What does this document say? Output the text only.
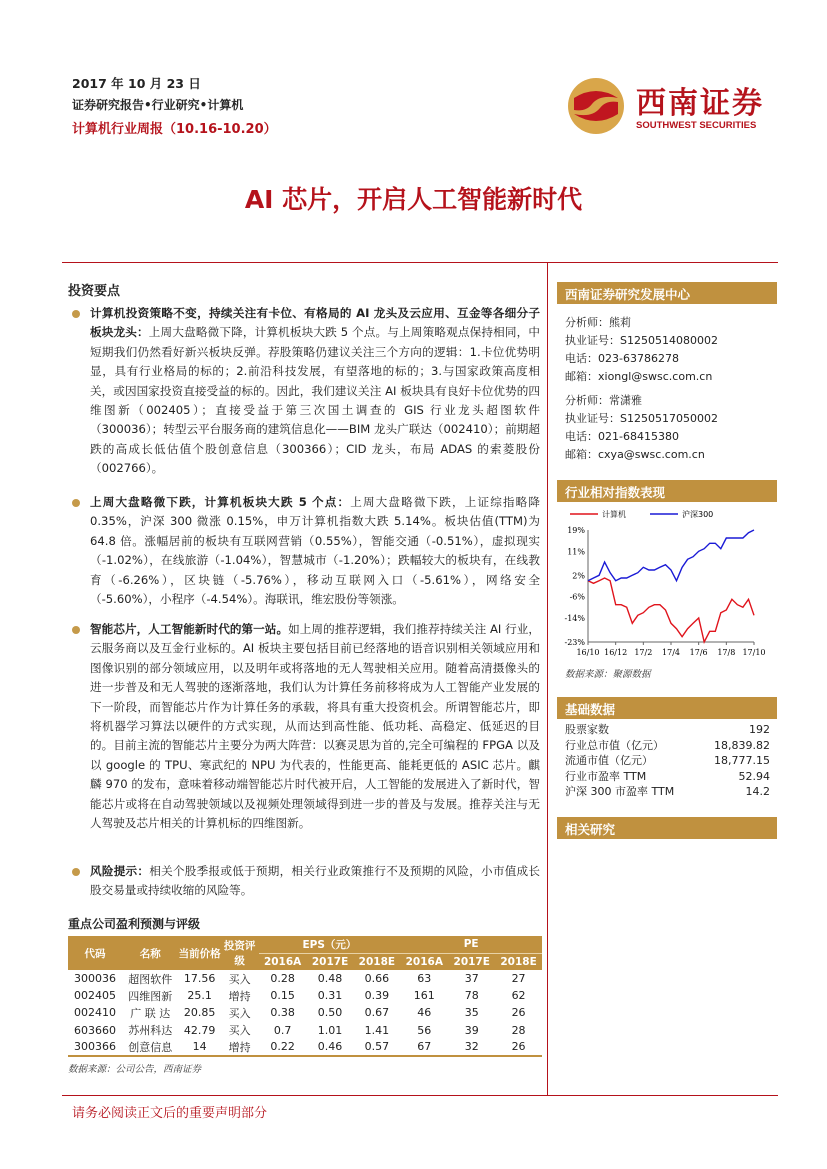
2017 年 10 月 23 日
证券研究报告•行业研究•计算机
计算机行业周报（10.16-10.20）
西南证券
SOUTHWEST SECURITIES
AI 芯片，开启人工智能新时代
投资要点
计算机投资策略不变，持续关注有卡位、有格局的 AI 龙头及云应用、互金等各细分子板块龙头：上周大盘略微下降，计算机板块大跌 5 个点。与上周策略观点保持相同，中短期我们仍然看好新兴板块反弹。荐股策略仍建议关注三个方向的逻辑：1.卡位优势明显，具有行业格局的标的；2.前沿科技发展，有望落地的标的；3.与国家政策高度相关，或因国家投资直接受益的标的。因此，我们建议关注 AI 板块具有良好卡位优势的四维图新（002405）；直接受益于第三次国土调查的 GIS 行业龙头超图软件（300036）；转型云平台服务商的建筑信息化——BIM 龙头广联达（002410）；前期超跌的高成长低估值个股创意信息（300366）；CID 龙头，布局 ADAS 的索菱股份（002766）。
上周大盘略微下跌，计算机板块大跌 5 个点：上周大盘略微下跌，上证综指略降 0.35%，沪深 300 微涨 0.15%，申万计算机指数大跌 5.14%。板块估值(TTM)为 64.8 倍。涨幅居前的板块有互联网营销（0.55%），智能交通（-0.51%），虚拟现实（-1.02%），在线旅游（-1.04%），智慧城市（-1.20%）；跌幅较大的板块有，在线教育（-6.26%），区块链（-5.76%），移动互联网入口（-5.61%），网络安全（-5.60%），小程序（-4.54%）。海联讯，维宏股份等领涨。
智能芯片，人工智能新时代的第一站。如上周的推荐逻辑，我们推荐持续关注 AI 行业，云服务商以及互金行业标的。AI 板块主要包括目前已经落地的语音识别相关领域应用和图像识别的部分领域应用，以及明年或将落地的无人驾驶相关应用。随着高清摄像头的进一步普及和无人驾驶的逐渐落地，我们认为计算任务前移将成为人工智能产业发展的下一阶段，而智能芯片作为计算任务的承载，将具有重大投资机会。所谓智能芯片，即将机器学习算法以硬件的方式实现，从而达到高性能、低功耗、高稳定、低延迟的目的。目前主流的智能芯片主要分为两大阵营：以赛灵思为首的,完全可编程的 FPGA 以及以 google 的 TPU、寒武纪的 NPU 为代表的，性能更高、能耗更低的 ASIC 芯片。麒麟 970 的发布，意味着移动端智能芯片时代被开启，人工智能的发展进入了新时代，智能芯片或将在自动驾驶领域以及视频处理领域得到进一步的普及与发展。推荐关注与无人驾驶及芯片相关的计算机标的四维图新。
风险提示：相关个股季报或低于预期，相关行业政策推行不及预期的风险，小市值成长股交易量或持续收缩的风险等。
重点公司盈利预测与评级
代码	名称	当前价格	投资评级	EPS（元）			PE		
				2016A	2017E	2018E	2016A	2017E	2018E
300036	超图软件	17.56	买入	0.28	0.48	0.66	63	37	27
002405	四维图新	25.1	增持	0.15	0.31	0.39	161	78	62
002410	广 联 达	20.85	买入	0.38	0.50	0.67	46	35	26
603660	苏州科达	42.79	买入	0.7	1.01	1.41	56	39	28
300366	创意信息	14	增持	0.22	0.46	0.57	67	32	26
数据来源：公司公告，西南证券
西南证券研究发展中心
分析师：熊莉
执业证号：S1250514080002
电话：023-63786278
邮箱：xiongl@swsc.com.cn
分析师：常潇雅
执业证号：S1250517050002
电话：021-68415380
邮箱：cxya@swsc.com.cn
行业相对指数表现
19%
11%
2%
-6%
-14%
-23%
16/10 16/12 17/2 17/4 17/6 17/8 17/10
计算机	沪深300
数据来源：聚源数据
基础数据
股票家数	192
行业总市值（亿元）	18,839.82
流通市值（亿元）	18,777.15
行业市盈率 TTM	52.94
沪深 300 市盈率 TTM	14.2
相关研究
请务必阅读正文后的重要声明部分
